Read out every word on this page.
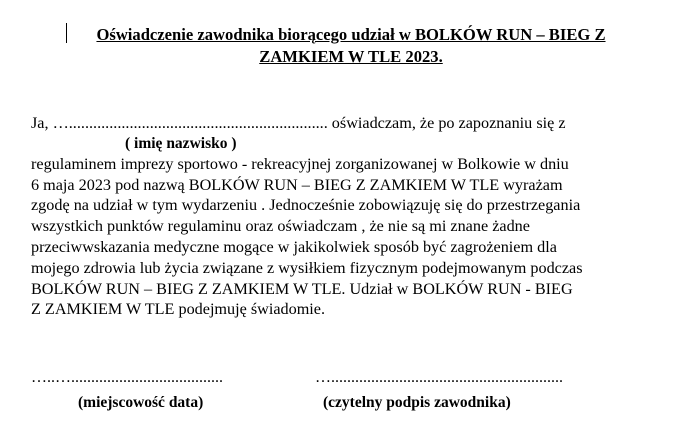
Oświadczenie zawodnika biorącego udział w BOLKÓW RUN – BIEG Z
ZAMKIEM W TLE 2023.
Ja, …................................................................ oświadczam, że po zapoznaniu się z
( imię nazwisko )
regulaminem imprezy sportowo - rekreacyjnej zorganizowanej w Bolkowie w dniu
6 maja 2023 pod nazwą BOLKÓW RUN – BIEG Z ZAMKIEM W TLE wyrażam
zgodę na udział w tym wydarzeniu . Jednocześnie zobowiązuję się do przestrzegania
wszystkich punktów regulaminu oraz oświadczam , że nie są mi znane żadne
przeciwwskazania medyczne mogące w jakikolwiek sposób być zagrożeniem dla
mojego zdrowia lub życia związane z wysiłkiem fizycznym podejmowanym podczas
BOLKÓW RUN – BIEG Z ZAMKIEM W TLE. Udział w BOLKÓW RUN - BIEG
Z ZAMKIEM W TLE podejmuję świadomie.
…..…......................................	…..........................................................
(miejscowość data)	(czytelny podpis zawodnika)
